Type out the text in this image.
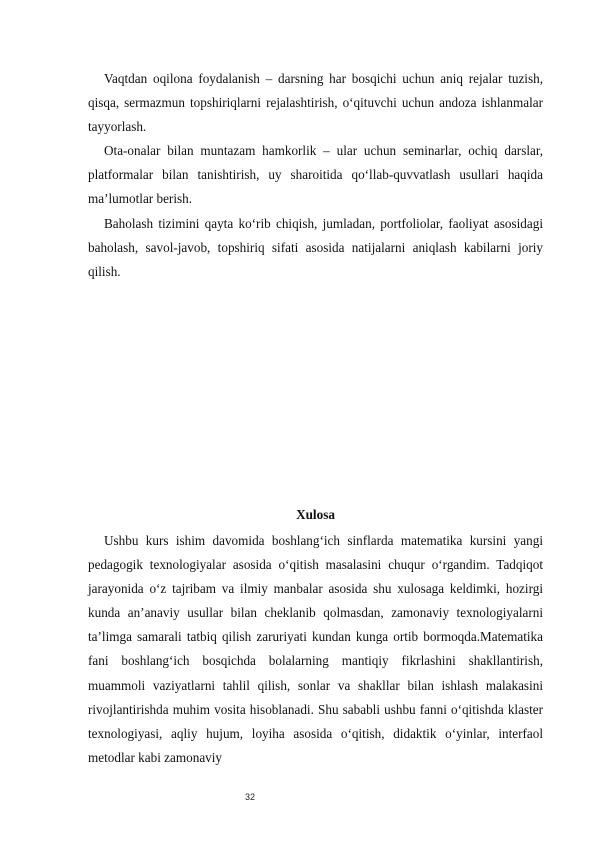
Vaqtdan oqilona foydalanish – darsning har bosqichi uchun aniq rejalar tuzish, qisqa, sermazmun topshiriqlarni rejalashtirish, o‘qituvchi uchun andoza ishlanmalar tayyorlash.

Ota-onalar bilan muntazam hamkorlik – ular uchun seminarlar, ochiq darslar, platformalar bilan tanishtirish, uy sharoitida qo‘llab-quvvatlash usullari haqida ma’lumotlar berish.

Baholash tizimini qayta ko‘rib chiqish, jumladan, portfoliolar, faoliyat asosidagi baholash, savol-javob, topshiriq sifati asosida natijalarni aniqlash kabilarni joriy qilish.

Xulosa

Ushbu kurs ishim davomida boshlang‘ich sinflarda matematika kursini yangi pedagogik texnologiyalar asosida o‘qitish masalasini chuqur o‘rgandim. Tadqiqot jarayonida o‘z tajribam va ilmiy manbalar asosida shu xulosaga keldimki, hozirgi kunda an’anaviy usullar bilan cheklanib qolmasdan, zamonaviy texnologiyalarni ta’limga samarali tatbiq qilish zaruriyati kundan kunga ortib bormoqda.Matematika fani boshlang‘ich bosqichda bolalarning mantiqiy fikrlashini shakllantirish, muammoli vaziyatlarni tahlil qilish, sonlar va shakllar bilan ishlash malakasini rivojlantirishda muhim vosita hisoblanadi. Shu sababli ushbu fanni o‘qitishda klaster texnologiyasi, aqliy hujum, loyiha asosida o‘qitish, didaktik o‘yinlar, interfaol metodlar kabi zamonaviy

32
